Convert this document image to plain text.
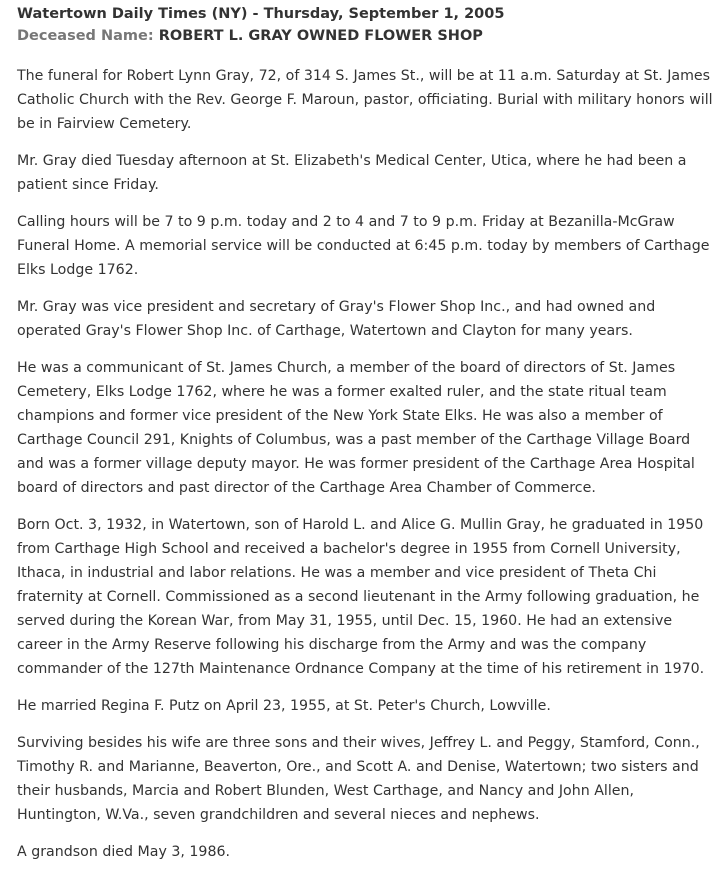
Watertown Daily Times (NY) - Thursday, September 1, 2005
Deceased Name: ROBERT L. GRAY OWNED FLOWER SHOP

The funeral for Robert Lynn Gray, 72, of 314 S. James St., will be at 11 a.m. Saturday at St. James Catholic Church with the Rev. George F. Maroun, pastor, officiating. Burial with military honors will be in Fairview Cemetery.

Mr. Gray died Tuesday afternoon at St. Elizabeth's Medical Center, Utica, where he had been a patient since Friday.

Calling hours will be 7 to 9 p.m. today and 2 to 4 and 7 to 9 p.m. Friday at Bezanilla-McGraw Funeral Home. A memorial service will be conducted at 6:45 p.m. today by members of Carthage Elks Lodge 1762.

Mr. Gray was vice president and secretary of Gray's Flower Shop Inc., and had owned and operated Gray's Flower Shop Inc. of Carthage, Watertown and Clayton for many years.

He was a communicant of St. James Church, a member of the board of directors of St. James Cemetery, Elks Lodge 1762, where he was a former exalted ruler, and the state ritual team champions and former vice president of the New York State Elks. He was also a member of Carthage Council 291, Knights of Columbus, was a past member of the Carthage Village Board and was a former village deputy mayor. He was former president of the Carthage Area Hospital board of directors and past director of the Carthage Area Chamber of Commerce.

Born Oct. 3, 1932, in Watertown, son of Harold L. and Alice G. Mullin Gray, he graduated in 1950 from Carthage High School and received a bachelor's degree in 1955 from Cornell University, Ithaca, in industrial and labor relations. He was a member and vice president of Theta Chi fraternity at Cornell. Commissioned as a second lieutenant in the Army following graduation, he served during the Korean War, from May 31, 1955, until Dec. 15, 1960. He had an extensive career in the Army Reserve following his discharge from the Army and was the company commander of the 127th Maintenance Ordnance Company at the time of his retirement in 1970.

He married Regina F. Putz on April 23, 1955, at St. Peter's Church, Lowville.

Surviving besides his wife are three sons and their wives, Jeffrey L. and Peggy, Stamford, Conn., Timothy R. and Marianne, Beaverton, Ore., and Scott A. and Denise, Watertown; two sisters and their husbands, Marcia and Robert Blunden, West Carthage, and Nancy and John Allen, Huntington, W.Va., seven grandchildren and several nieces and nephews.

A grandson died May 3, 1986.
